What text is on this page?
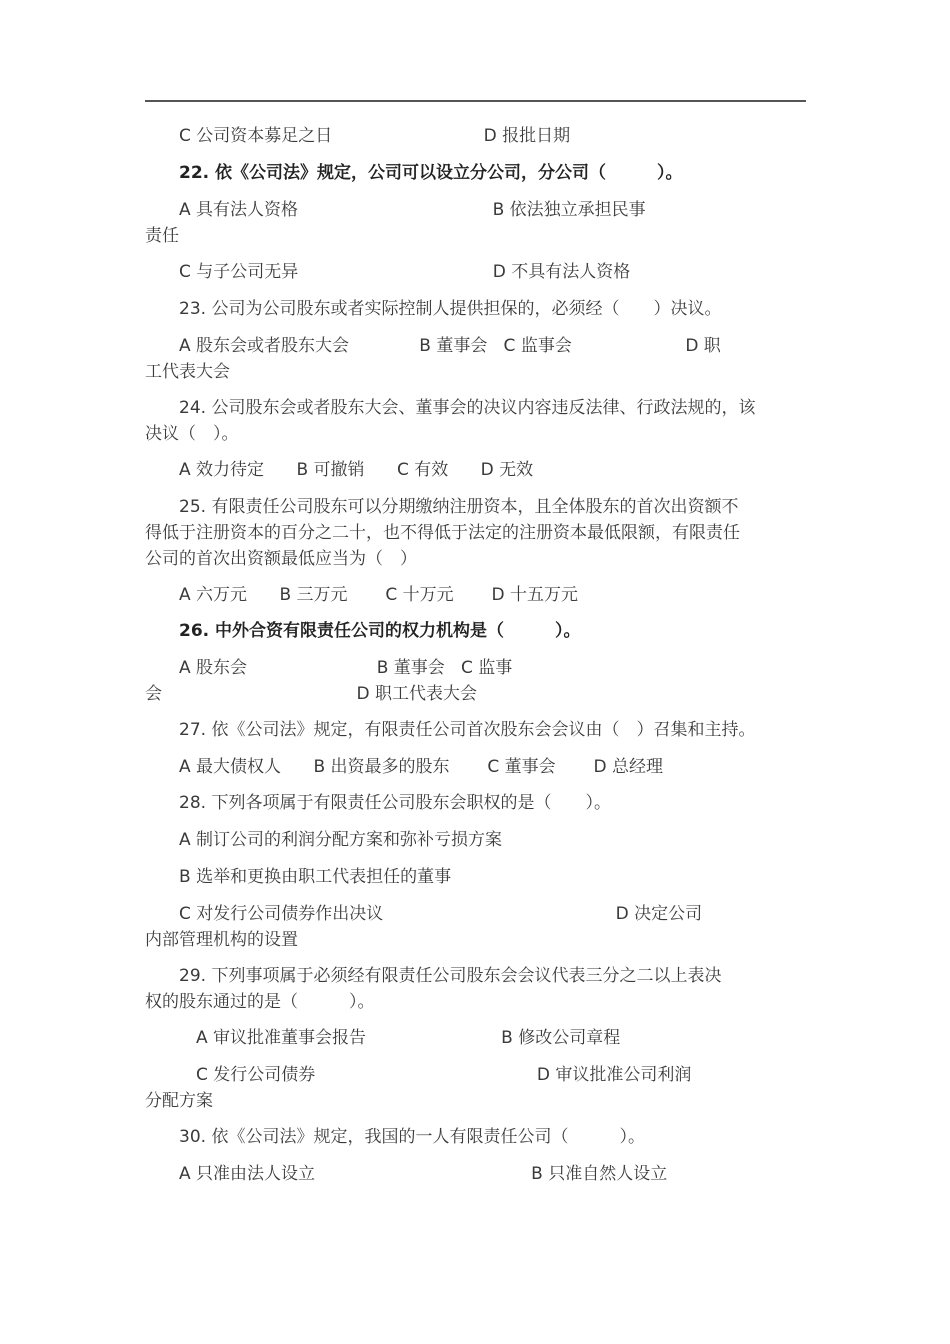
　　C 公司资本募足之日                            D 报批日期
　　22. 依《公司法》规定，公司可以设立分公司，分公司（　　　）。
　　A 具有法人资格                                    B 依法独立承担民事
责任
　　C 与子公司无异                                    D 不具有法人资格
　　23. 公司为公司股东或者实际控制人提供担保的，必须经（　　）决议。
　　A 股东会或者股东大会             B 董事会   C 监事会                     D 职
工代表大会
　　24. 公司股东会或者股东大会、董事会的决议内容违反法律、行政法规的，该
决议（　）。
　　A 效力待定      B 可撤销      C 有效      D 无效
　　25. 有限责任公司股东可以分期缴纳注册资本，且全体股东的首次出资额不
得低于注册资本的百分之二十，也不得低于法定的注册资本最低限额，有限责任
公司的首次出资额最低应当为（　）
　　A 六万元      B 三万元       C 十万元       D 十五万元
　　26. 中外合资有限责任公司的权力机构是（　　　）。
　　A 股东会                        B 董事会   C 监事
会                                    D 职工代表大会
　　27. 依《公司法》规定，有限责任公司首次股东会会议由（　）召集和主持。
　　A 最大债权人      B 出资最多的股东       C 董事会       D 总经理
　　28. 下列各项属于有限责任公司股东会职权的是（　　）。
　　A 制订公司的利润分配方案和弥补亏损方案
　　B 选举和更换由职工代表担任的董事
　　C 对发行公司债券作出决议                                           D 决定公司
内部管理机构的设置
　　29. 下列事项属于必须经有限责任公司股东会会议代表三分之二以上表决
权的股东通过的是（　　　）。
　　　A 审议批准董事会报告                         B 修改公司章程
　　　C 发行公司债券                                         D 审议批准公司利润
分配方案
　　30. 依《公司法》规定，我国的一人有限责任公司（　　　）。
　　A 只准由法人设立                                        B 只准自然人设立
